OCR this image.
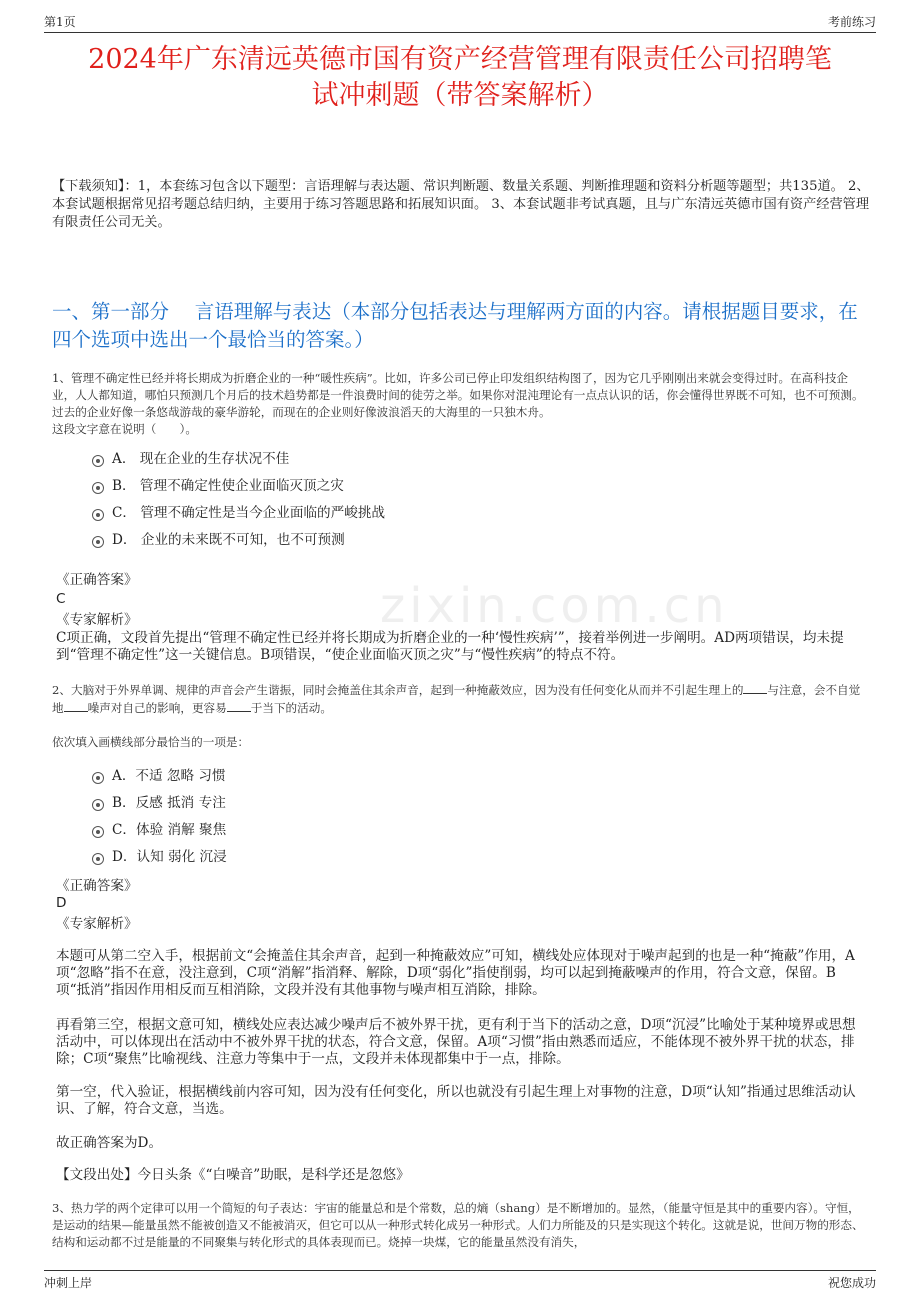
第1页	考前练习
2024年广东清远英德市国有资产经营管理有限责任公司招聘笔
试冲刺题（带答案解析）
【下载须知】：1，本套练习包含以下题型：言语理解与表达题、常识判断题、数量关系题、判断推理题和资料分析题等题型；共135道。 2、本套试题根据常见招考题总结归纳，主要用于练习答题思路和拓展知识面。 3、本套试题非考试真题，且与广东清远英德市国有资产经营管理有限责任公司无关。
一、第一部分　 言语理解与表达（本部分包括表达与理解两方面的内容。请根据题目要求，在四个选项中选出一个最恰当的答案。）
zixin.com.cn
1、管理不确定性已经并将长期成为折磨企业的一种“暖性疾病”。比如，许多公司已停止印发组织结构图了，因为它几乎刚刚出来就会变得过时。在高科技企业，人人都知道，哪怕只预测几个月后的技术趋势都是一件浪费时间的徒劳之举。如果你对混沌理论有一点点认识的话，你会懂得世界既不可知，也不可预测。过去的企业好像一条悠哉游哉的豪华游轮，而现在的企业则好像波浪滔天的大海里的一只独木舟。
这段文字意在说明（　　）。
A． 现在企业的生存状况不佳
B． 管理不确定性使企业面临灭顶之灾
C． 管理不确定性是当今企业面临的严峻挑战
D． 企业的未来既不可知，也不可预测
《正确答案》
C
《专家解析》
C项正确，文段首先提出“管理不确定性已经并将长期成为折磨企业的一种‘慢性疾病’”，接着举例进一步阐明。AD两项错误，均未提到“管理不确定性”这一关键信息。B项错误，“使企业面临灭顶之灾”与“慢性疾病”的特点不符。
2、大脑对于外界单调、规律的声音会产生谐振，同时会掩盖住其余声音，起到一种掩蔽效应，因为没有任何变化从而并不引起生理上的 与注意，会不自觉地 噪声对自己的影响，更容易 于当下的活动。
依次填入画横线部分最恰当的一项是：
A．不适 忽略 习惯
B．反感 抵消 专注
C．体验 消解 聚焦
D．认知 弱化 沉浸
《正确答案》
D
《专家解析》
本题可从第二空入手，根据前文“会掩盖住其余声音，起到一种掩蔽效应”可知，横线处应体现对于噪声起到的也是一种“掩蔽”作用，A项“忽略”指不在意，没注意到，C项“消解”指消释、解除，D项“弱化”指使削弱，均可以起到掩蔽噪声的作用，符合文意，保留。B项“抵消”指因作用相反而互相消除，文段并没有其他事物与噪声相互消除，排除。
再看第三空，根据文意可知，横线处应表达减少噪声后不被外界干扰，更有利于当下的活动之意，D项“沉浸”比喻处于某种境界或思想活动中，可以体现出在活动中不被外界干扰的状态，符合文意，保留。A项“习惯”指由熟悉而适应，不能体现不被外界干扰的状态，排除；C项“聚焦”比喻视线、注意力等集中于一点，文段并未体现都集中于一点，排除。
第一空，代入验证，根据横线前内容可知，因为没有任何变化，所以也就没有引起生理上对事物的注意，D项“认知”指通过思维活动认识、了解，符合文意，当选。
故正确答案为D。
【文段出处】今日头条《“白噪音”助眠，是科学还是忽悠》
3、热力学的两个定律可以用一个简短的句子表达：宇宙的能量总和是个常数，总的熵（shang）是不断增加的。显然，（能量守恒是其中的重要内容）。守恒，是运动的结果—能量虽然不能被创造又不能被消灭，但它可以从一种形式转化成另一种形式。人们力所能及的只是实现这个转化。这就是说，世间万物的形态、结构和运动都不过是能量的不同聚集与转化形式的具体表现而已。烧掉一块煤，它的能量虽然没有消失，
冲刺上岸	祝您成功
